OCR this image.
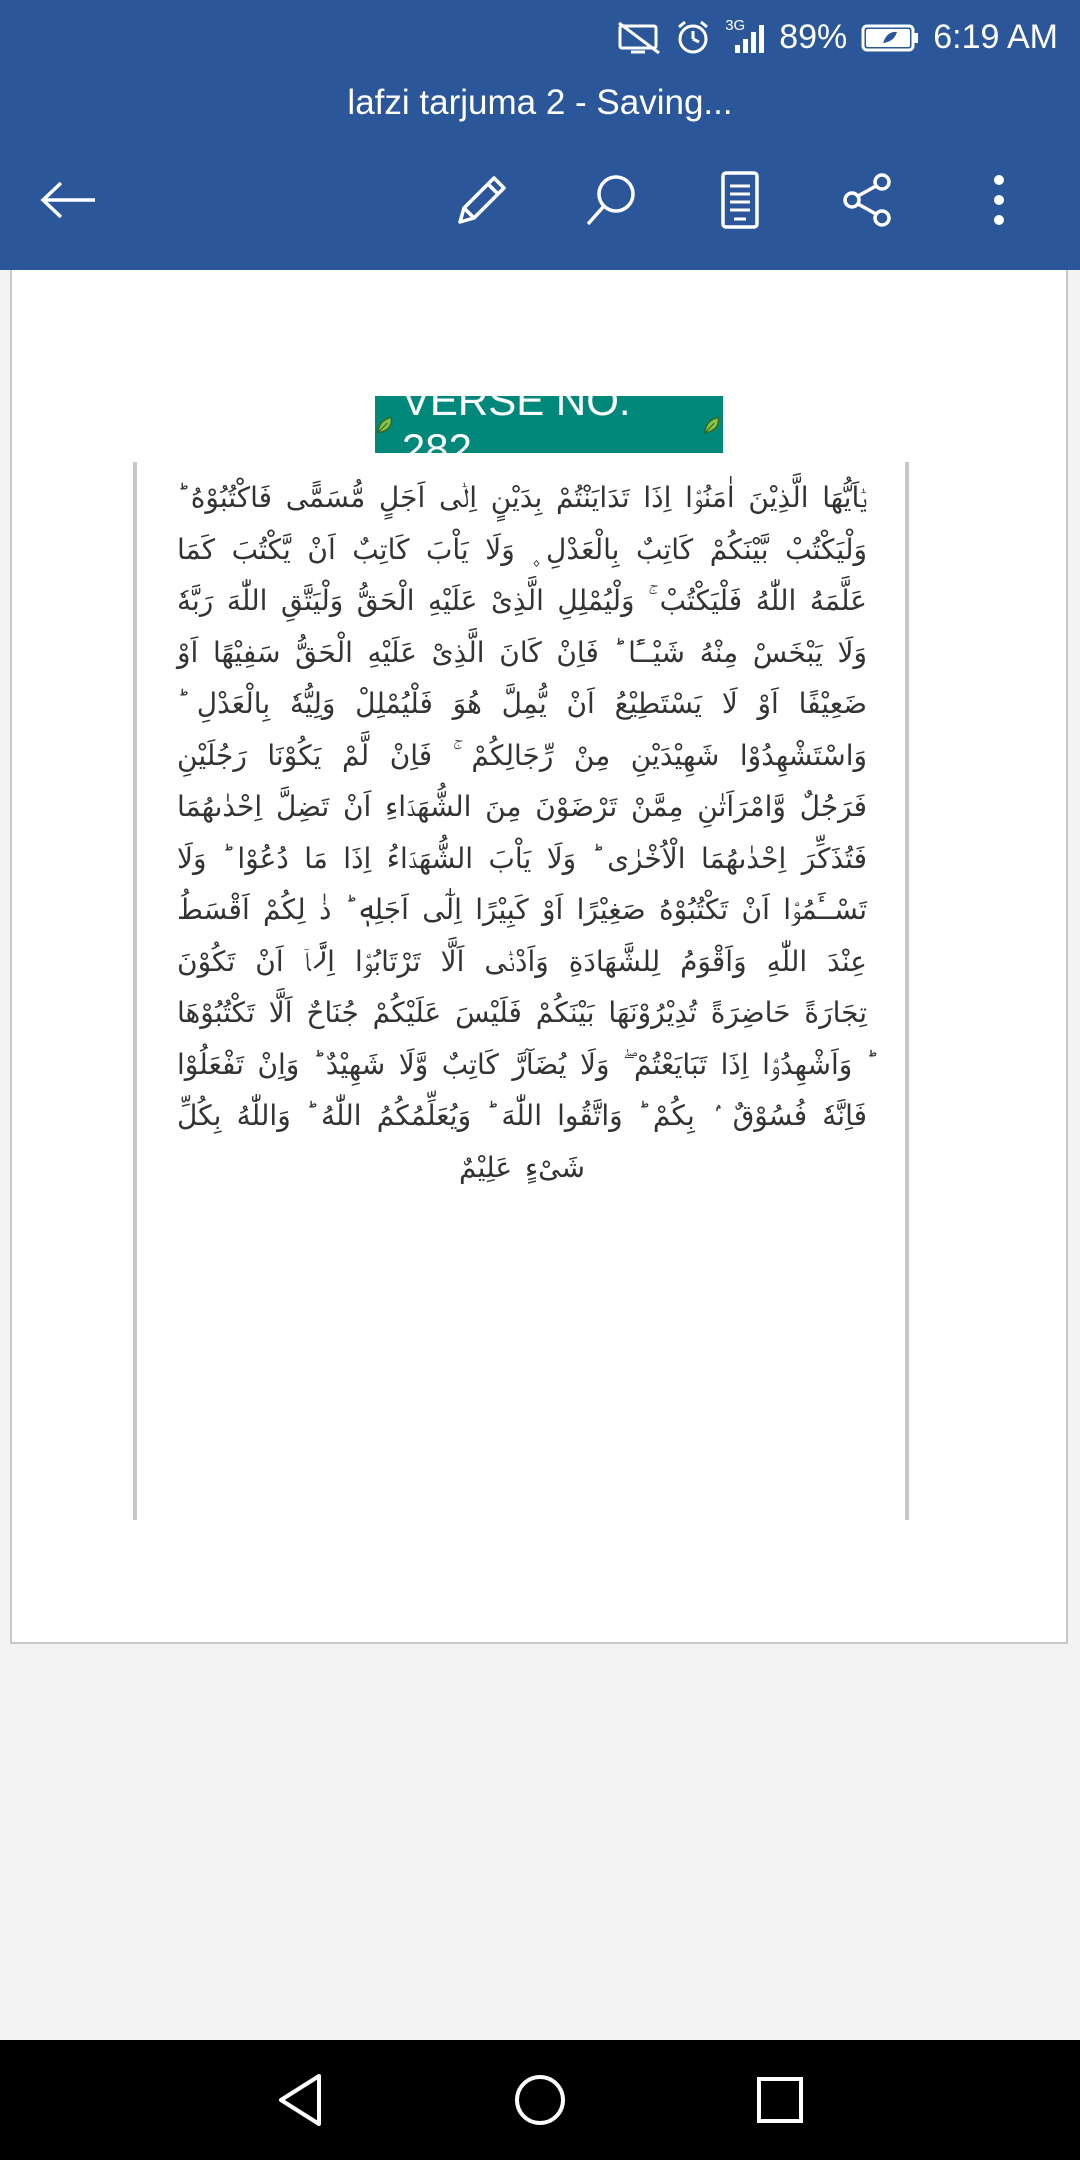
3G 89%	6:19 AM
lafzi tarjuma 2 - Saving...
VERSE NO. 282
يٰۤاَيُّهَا الَّذِيْنَ اٰمَنُوْۤا اِذَا تَدَايَنْتُمْ بِدَيْنٍ اِلٰۤى اَجَلٍ مُّسَمًّى فَاكْتُبُوْهُ ؕ وَلْيَكْتُبْ بَّيْنَكُمْ كَاتِبٌ بِالْعَدْلِ ۪ وَلَا يَاْبَ كَاتِبٌ اَنْ يَّكْتُبَ كَمَا عَلَّمَهُ اللّٰهُ فَلْيَكْتُبْ ۚ وَلْيُمْلِلِ الَّذِىْ عَلَيْهِ الْحَقُّ وَلْيَتَّقِ اللّٰهَ رَبَّهٗ وَلَا يَبْخَسْ مِنْهُ شَيْــًٔا ؕ فَاِنْ كَانَ الَّذِىْ عَلَيْهِ الْحَقُّ سَفِيْهًا اَوْ ضَعِيْفًا اَوْ لَا يَسْتَطِيْعُ اَنْ يُّمِلَّ هُوَ فَلْيُمْلِلْ وَلِيُّهٗ بِالْعَدْلِ ؕ وَاسْتَشْهِدُوْا شَهِيْدَيْنِ مِنْ رِّجَالِكُمْ ۚ فَاِنْ لَّمْ يَكُوْنَا رَجُلَيْنِ فَرَجُلٌ وَّامْرَاَتٰنِ مِمَّنْ تَرْضَوْنَ مِنَ الشُّهَدَۤاءِ اَنْ تَضِلَّ اِحْدٰٮهُمَا فَتُذَكِّرَ اِحْدٰٮهُمَا الْاُخْرٰى ؕ وَلَا يَاْبَ الشُّهَدَۤاءُ اِذَا مَا دُعُوْا ؕ وَلَا تَسْــَٔمُوْۤا اَنْ تَكْتُبُوْهُ صَغِيْرًا اَوْ كَبِيْرًا اِلٰٓى اَجَلِهٖ ؕ ذٰ لِكُمْ اَقْسَطُ عِنْدَ اللّٰهِ وَاَقْوَمُ لِلشَّهَادَةِ وَاَدْنٰۤى اَلَّا تَرْتَابُوْۤا اِلَّاۤ اَنْ تَكُوْنَ تِجَارَةً حَاضِرَةً تُدِيْرُوْنَهَا بَيْنَكُمْ فَلَيْسَ عَلَيْكُمْ جُنَاحٌ اَلَّا تَكْتُبُوْهَا ؕ وَاَشْهِدُوْۤا اِذَا تَبَايَعْتُمْ ۖ وَلَا يُضَآرَّ كَاتِبٌ وَّلَا شَهِيْدٌ ؕ وَاِنْ تَفْعَلُوْا فَاِنَّهٗ فُسُوْقٌ ۢ بِكُمْ ؕ وَاتَّقُوا اللّٰهَ ؕ وَيُعَلِّمُكُمُ اللّٰهُ ؕ وَاللّٰهُ بِكُلِّ شَىْءٍ عَلِيْمٌ
